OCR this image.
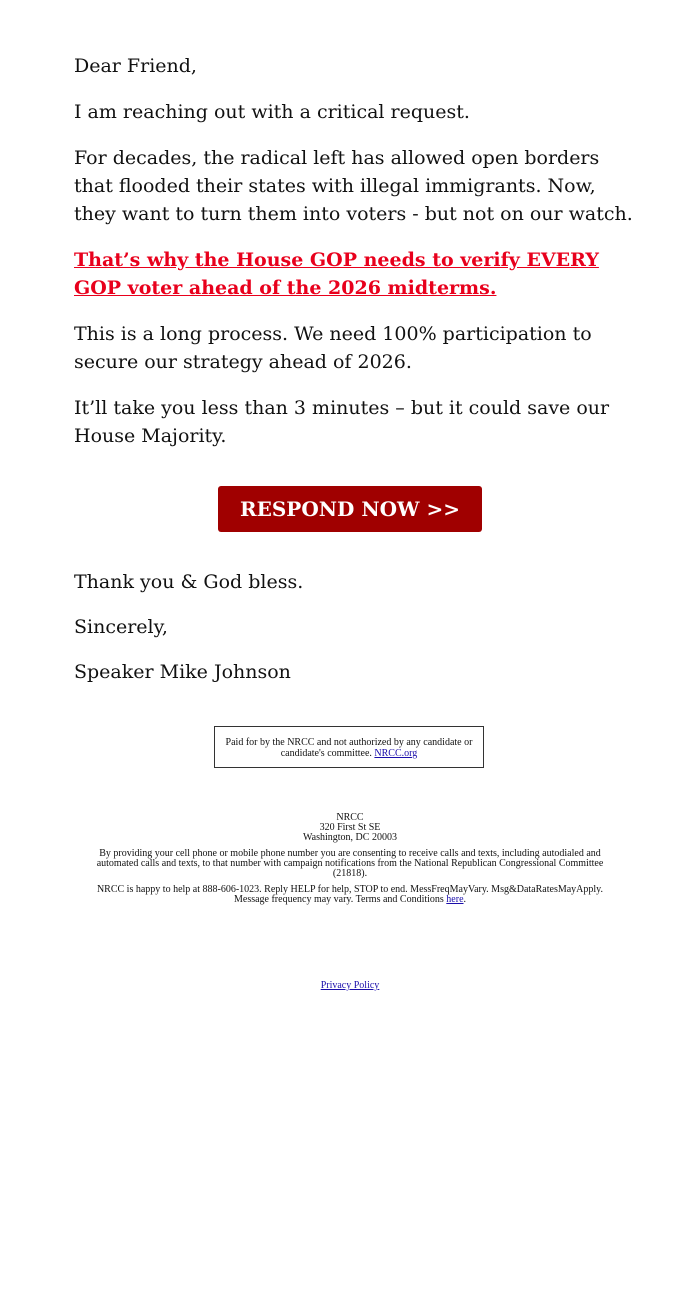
Dear Friend,

I am reaching out with a critical request.

For decades, the radical left has allowed open borders that flooded their states with illegal immigrants. Now, they want to turn them into voters - but not on our watch.

That’s why the House GOP needs to verify EVERY GOP voter ahead of the 2026 midterms.

This is a long process. We need 100% participation to secure our strategy ahead of 2026.

It’ll take you less than 3 minutes – but it could save our House Majority.

RESPOND NOW >>

Thank you & God bless.

Sincerely,

Speaker Mike Johnson

Paid for by the NRCC and not authorized by any candidate or candidate's committee. NRCC.org
NRCC
320 First St SE
Washington, DC 20003
By providing your cell phone or mobile phone number you are consenting to receive calls and texts, including autodialed and automated calls and texts, to that number with campaign notifications from the National Republican Congressional Committee (21818).
NRCC is happy to help at 888-606-1023. Reply HELP for help, STOP to end. MessFreqMayVary. Msg&DataRatesMayApply. Message frequency may vary. Terms and Conditions here.
Privacy Policy
